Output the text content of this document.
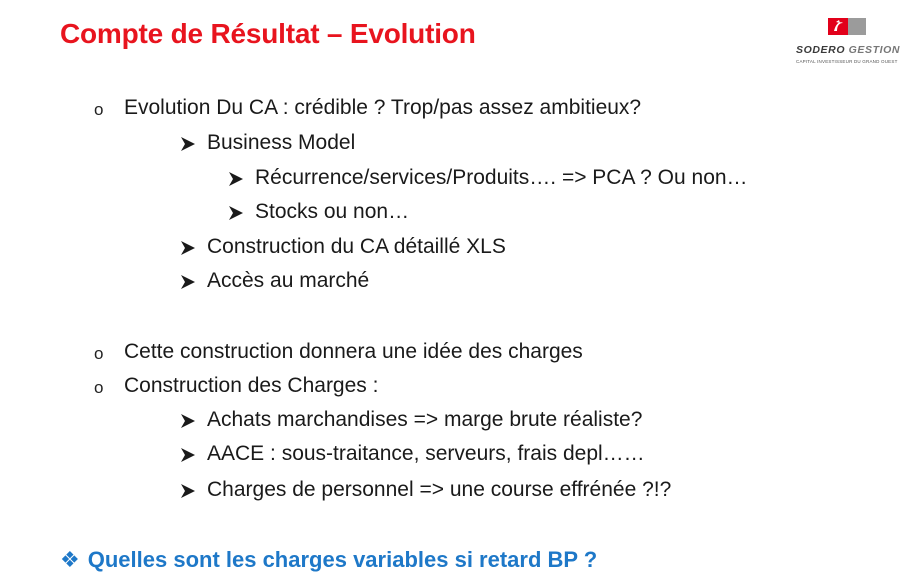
Compte de Résultat – Evolution
SODERO GESTION
CAPITAL INVESTISSEUR DU GRAND OUEST
o Evolution Du CA : crédible ? Trop/pas assez ambitieux?
Business Model
Récurrence/services/Produits…. => PCA ? Ou non…
Stocks ou non…
Construction du CA détaillé XLS
Accès au marché
o Cette construction donnera une idée des charges
o Construction des Charges :
Achats marchandises => marge brute réaliste?
AACE : sous-traitance, serveurs, frais depl……
Charges de personnel => une course effrénée ?!?
❖ Quelles sont les charges variables si retard BP ?
